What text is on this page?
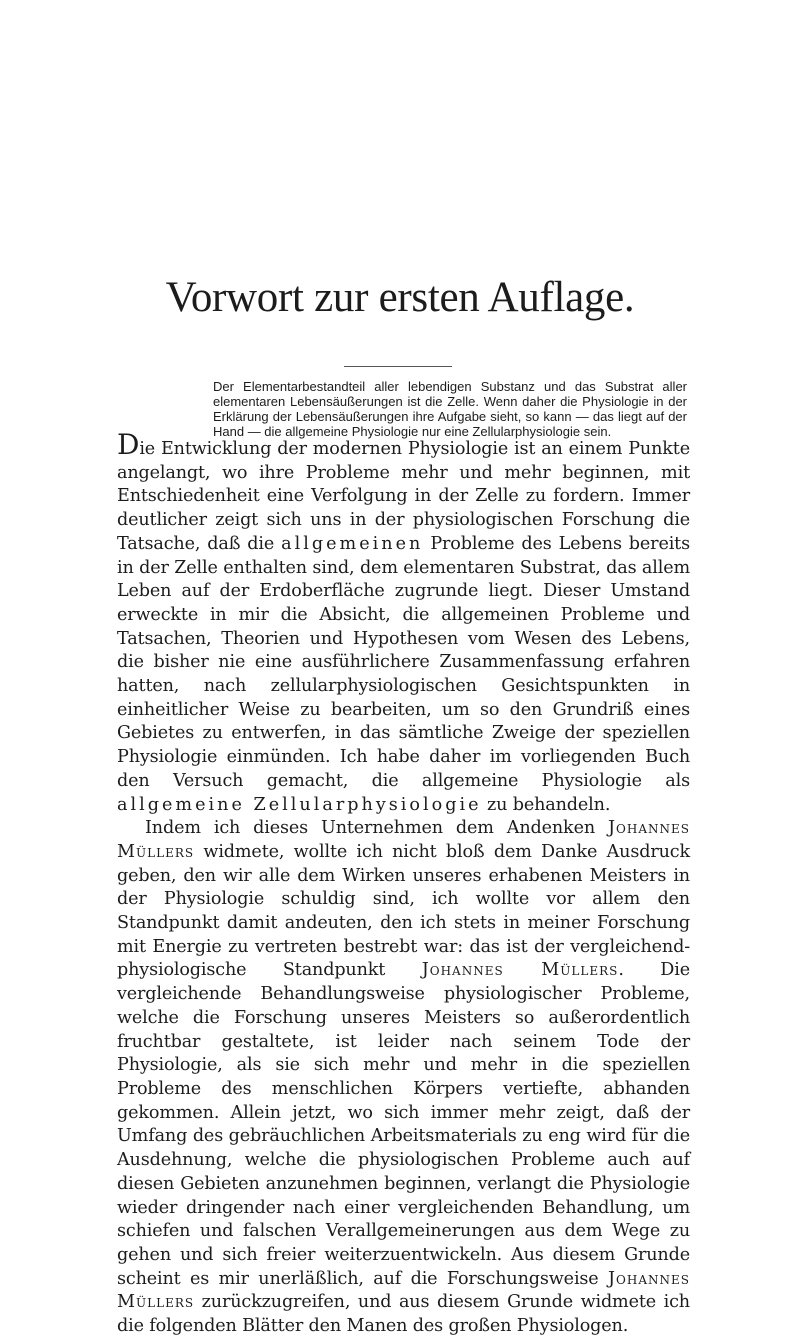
Vorwort zur ersten Auflage.

Der Elementarbestandteil aller lebendigen Substanz und das Substrat aller elementaren Lebensäußerungen ist die Zelle. Wenn daher die Physiologie in der Erklärung der Lebensäußerungen ihre Aufgabe sieht, so kann — das liegt auf der Hand — die allgemeine Physiologie nur eine Zellularphysiologie sein.

Die Entwicklung der modernen Physiologie ist an einem Punkte angelangt, wo ihre Probleme mehr und mehr beginnen, mit Entschiedenheit eine Verfolgung in der Zelle zu fordern. Immer deutlicher zeigt sich uns in der physiologischen Forschung die Tatsache, daß die allgemeinen Probleme des Lebens bereits in der Zelle enthalten sind, dem elementaren Substrat, das allem Leben auf der Erdoberfläche zugrunde liegt. Dieser Umstand erweckte in mir die Absicht, die allgemeinen Probleme und Tatsachen, Theorien und Hypothesen vom Wesen des Lebens, die bisher nie eine ausführlichere Zusammenfassung erfahren hatten, nach zellularphysiologischen Gesichtspunkten in einheitlicher Weise zu bearbeiten, um so den Grundriß eines Gebietes zu entwerfen, in das sämtliche Zweige der speziellen Physiologie einmünden. Ich habe daher im vorliegenden Buch den Versuch gemacht, die allgemeine Physiologie als allgemeine Zellularphysiologie zu behandeln.

Indem ich dieses Unternehmen dem Andenken Johannes Müllers widmete, wollte ich nicht bloß dem Danke Ausdruck geben, den wir alle dem Wirken unseres erhabenen Meisters in der Physiologie schuldig sind, ich wollte vor allem den Standpunkt damit andeuten, den ich stets in meiner Forschung mit Energie zu vertreten bestrebt war: das ist der vergleichend-physiologische Standpunkt Johannes Müllers. Die vergleichende Behandlungsweise physiologischer Probleme, welche die Forschung unseres Meisters so außerordentlich fruchtbar gestaltete, ist leider nach seinem Tode der Physiologie, als sie sich mehr und mehr in die speziellen Probleme des menschlichen Körpers vertiefte, abhanden gekommen. Allein jetzt, wo sich immer mehr zeigt, daß der Umfang des gebräuchlichen Arbeitsmaterials zu eng wird für die Ausdehnung, welche die physiologischen Probleme auch auf diesen Gebieten anzunehmen beginnen, verlangt die Physiologie wieder dringender nach einer vergleichenden Behandlung, um schiefen und falschen Verallgemeinerungen aus dem Wege zu gehen und sich freier weiterzuentwickeln. Aus diesem Grunde scheint es mir unerläßlich, auf die Forschungsweise Johannes Müllers zurückzugreifen, und aus diesem Grunde widmete ich die folgenden Blätter den Manen des großen Physiologen.
